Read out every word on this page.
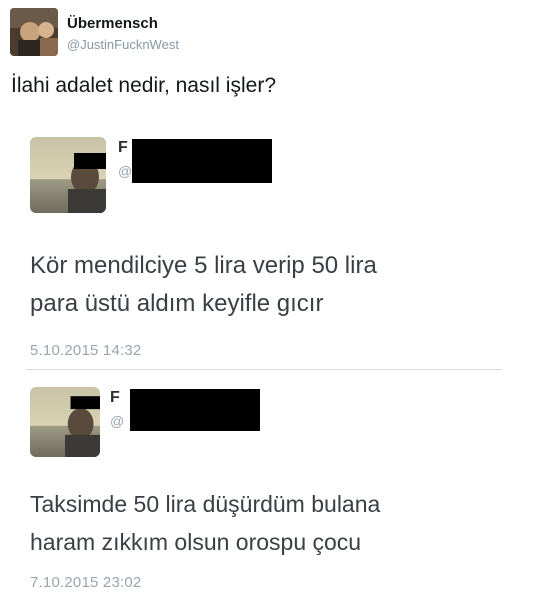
Übermensch
@JustinFucknWest
İlahi adalet nedir, nasıl işler?
F
@
Kör mendilciye 5 lira verip 50 lira
para üstü aldım keyifle gıcır
5.10.2015 14:32
F
@
Taksimde 50 lira düşürdüm bulana
haram zıkkım olsun orospu çocu
7.10.2015 23:02
